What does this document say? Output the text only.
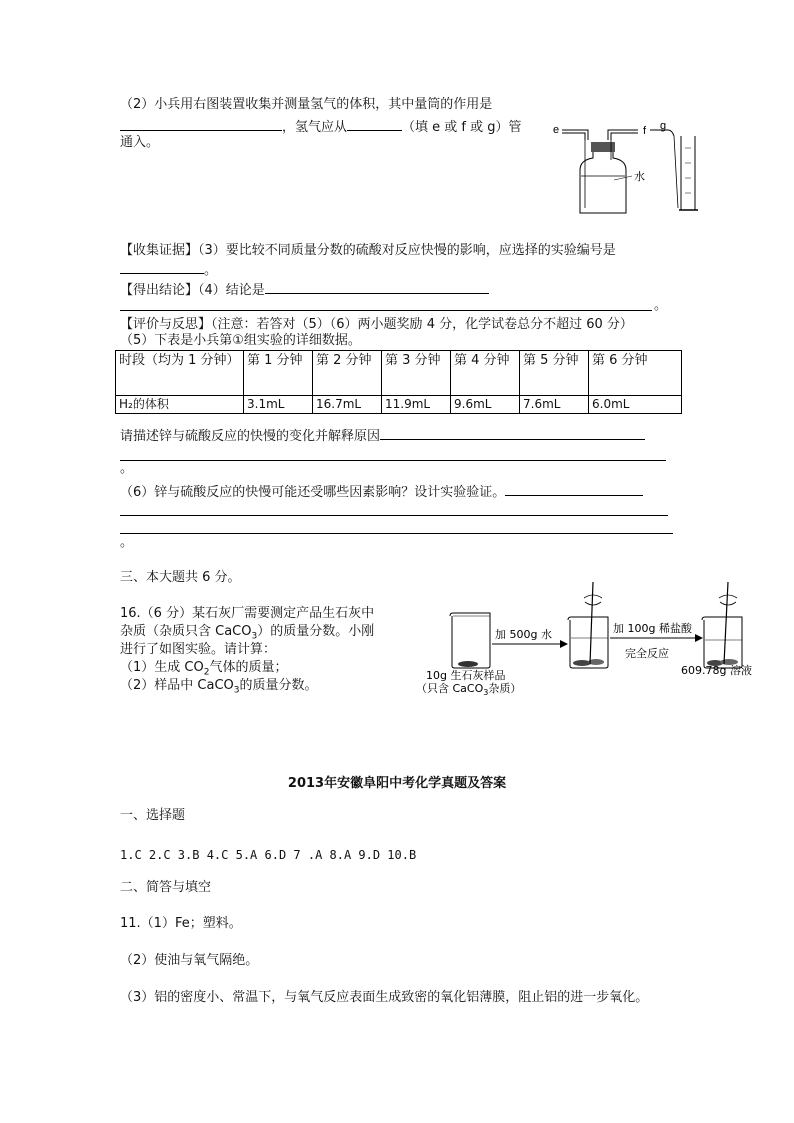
（2）小兵用右图装置收集并测量氢气的体积，其中量筒的作用是
，氢气应从	（填 e 或 f 或 g）管
通入。
e	f g
水
【收集证据】（3）要比较不同质量分数的硫酸对反应快慢的影响，应选择的实验编号是
。
【得出结论】（4）结论是
。
【评价与反思】（注意：若答对（5）（6）两小题奖励 4 分，化学试卷总分不超过 60 分）
（5）下表是小兵第①组实验的详细数据。
时段（均为 1 分钟）	第 1 分钟	第 2 分钟	第 3 分钟	第 4 分钟	第 5 分钟	第 6 分钟
H₂的体积	3.1mL	16.7mL	11.9mL	9.6mL	7.6mL	6.0mL
请描述锌与硫酸反应的快慢的变化并解释原因
。
（6）锌与硫酸反应的快慢可能还受哪些因素影响？设计实验验证。
。
三、本大题共 6 分。
16.（6 分）某石灰厂需要测定产品生石灰中
杂质（杂质只含 CaCO$_3$）的质量分数。小刚
进行了如图实验。请计算：
（1）生成 $CO_2$气体的质量；
（2）样品中 CaCO$_3$的质量分数。
加 500g 水	加 100g 稀盐酸
完全反应
609.78g 溶液
10g 生石灰样品
（只含 CaCO$_3$杂质）
2013年安徽阜阳中考化学真题及答案
一、选择题
1.C 2.C 3.B 4.C 5.A 6.D 7 .A 8.A 9.D 10.B
二、简答与填空
11.（1）Fe；塑料。
（2）使油与氧气隔绝。
（3）铝的密度小、常温下，与氧气反应表面生成致密的氧化铝薄膜，阻止铝的进一步氧化。
